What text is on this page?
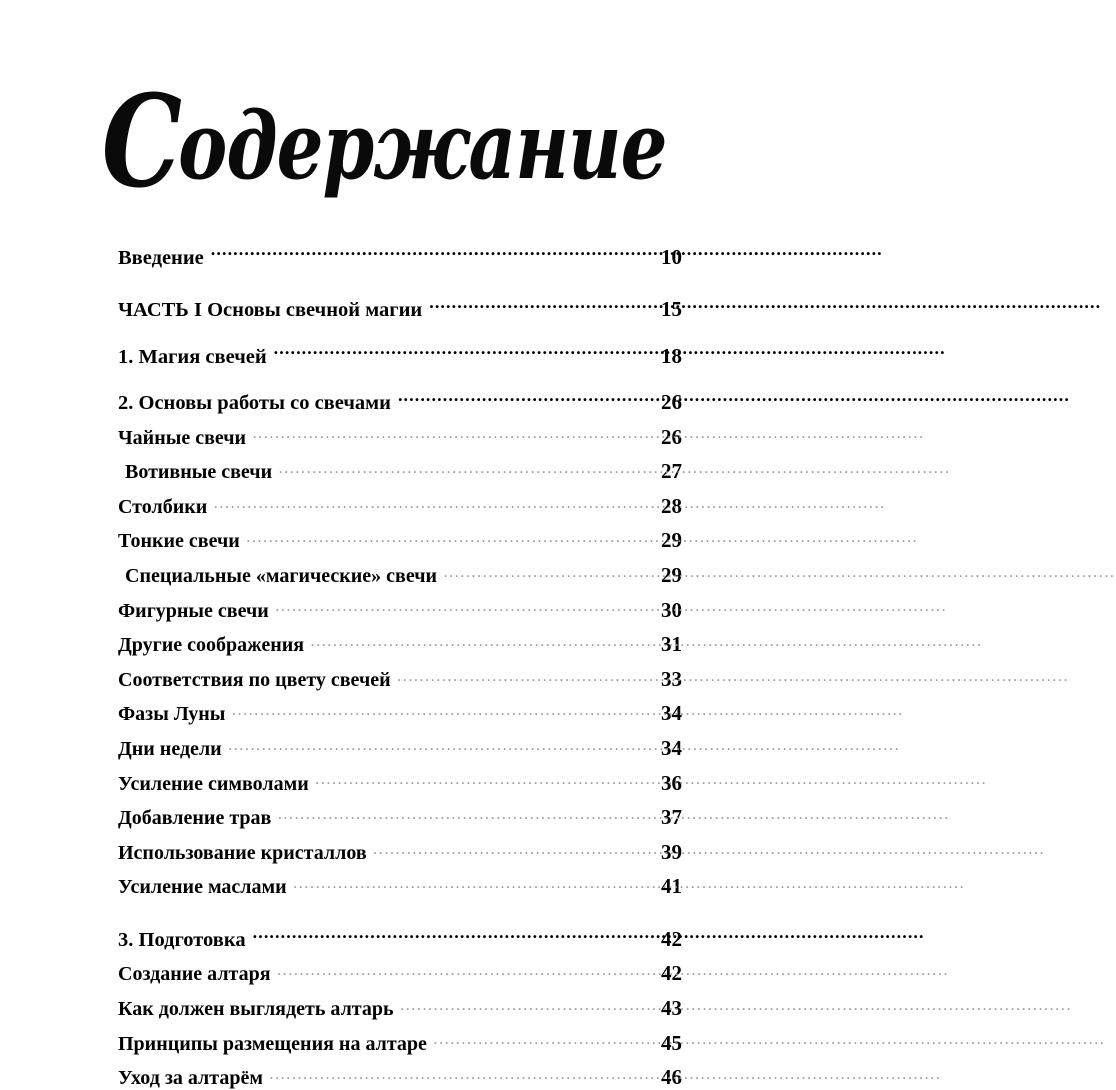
Содержание
Введение .....	10
ЧАСТЬ I Основы свечной магии .....	15
1. Магия свечей .....	18
2. Основы работы со свечами .....	26
Чайные свечи .....	26
Вотивные свечи .....	27
Столбики .....	28
Тонкие свечи .....	29
Специальные «магические» свечи .....	29
Фигурные свечи .....	30
Другие соображения .....	31
Соответствия по цвету свечей .....	33
Фазы Луны .....	34
Дни недели .....	34
Усиление символами .....	36
Добавление трав .....	37
Использование кристаллов .....	39
Усиление маслами .....	41
3. Подготовка .....	42
Создание алтаря .....	42
Как должен выглядеть алтарь .....	43
Принципы размещения на алтаре .....	45
Уход за алтарём .....	46
